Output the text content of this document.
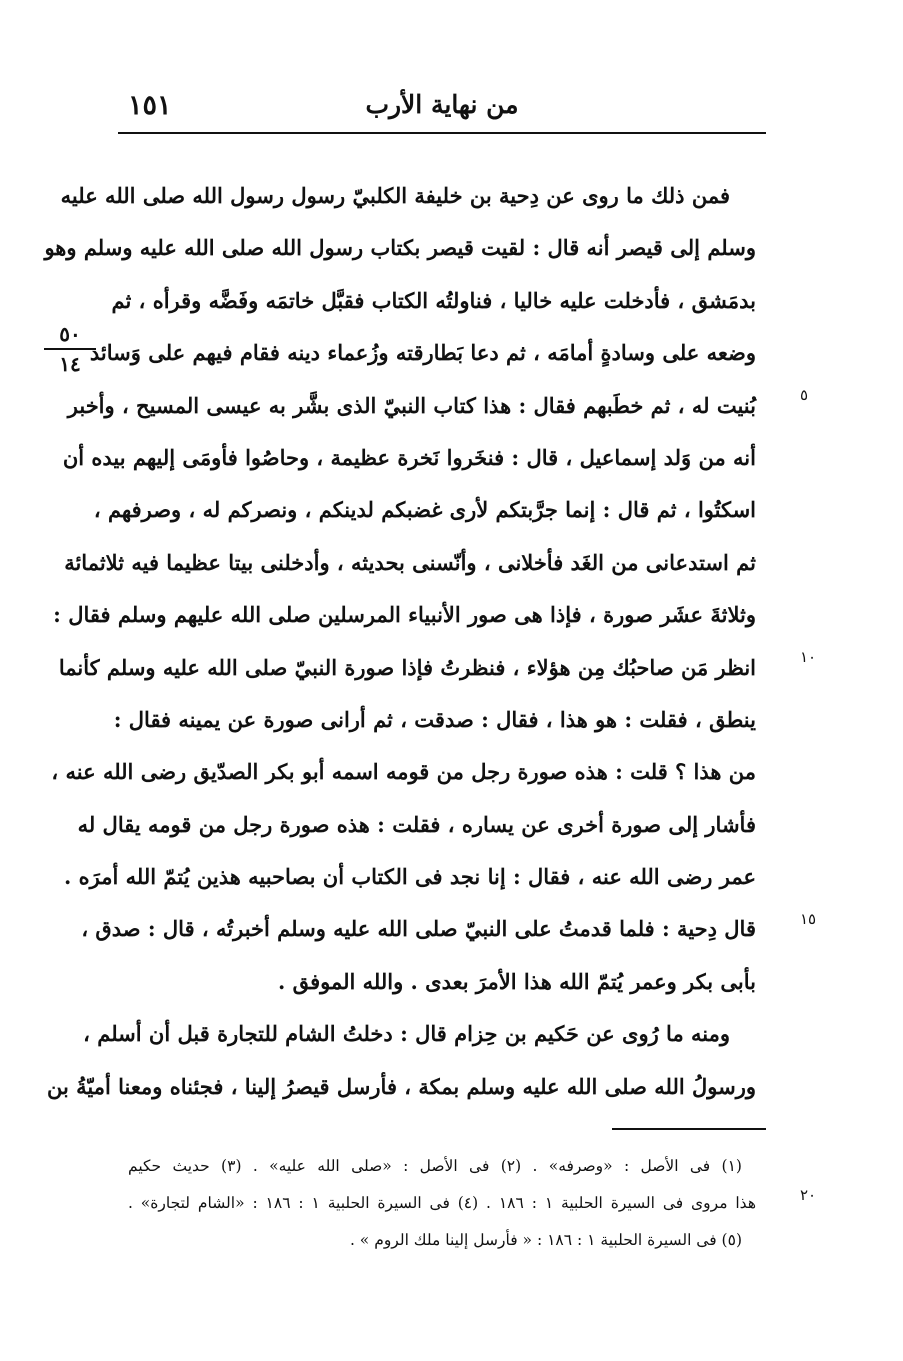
١٥١	من نهاية الأرب
٥٠
١٤
٥
١٠
١٥
٢٠
فمن ذلك ما روى عن دِحية بن خليفة الكلبيّ رسول رسول الله صلى الله عليه
وسلم إلى قيصر أنه قال : لقيت قيصر بكتاب رسول الله صلى الله عليه وسلم وهو
بدمَشق ، فأدخلت عليه خاليا ، فناولتُه الكتاب فقبَّل خاتمَه وفَضَّه وقرأه ، ثم
وضعه على وسادةٍ أمامَه ، ثم دعا بَطارقته وزُعماء دينه فقام فيهم على وَسائد
بُنيت له ، ثم خطَبهم فقال : هذا كتاب النبيّ الذى بشَّر به عيسى المسيح ، وأخبر
أنه من وَلد إسماعيل ، قال : فنخَروا نَخرة عظيمة ، وحاصُوا فأومَى إليهم بيده أن
اسكتُوا ، ثم قال : إنما جرَّبتكم لأرى غضبكم لدينكم ، ونصركم له ، وصرفهم ،
ثم استدعانى من الغَد فأخلانى ، وأنّسنى بحديثه ، وأدخلنى بيتا عظيما فيه ثلاثمائة
وثلاثةَ عشَر صورة ، فإذا هى صور الأنبياء المرسلين صلى الله عليهم وسلم فقال :
انظر مَن صاحبُك مِن هؤلاء ، فنظرتُ فإذا صورة النبيّ صلى الله عليه وسلم كأنما
ينطق ، فقلت : هو هذا ، فقال : صدقت ، ثم أرانى صورة عن يمينه فقال :
من هذا ؟ قلت : هذه صورة رجل من قومه اسمه أبو بكر الصدّيق رضى الله عنه ،
فأشار إلى صورة أخرى عن يساره ، فقلت : هذه صورة رجل من قومه يقال له
عمر رضى الله عنه ، فقال : إنا نجد فى الكتاب أن بصاحبيه هذين يُتمّ الله أمرَه .
قال دِحية : فلما قدمتُ على النبيّ صلى الله عليه وسلم أخبرتُه ، قال : صدق ،
بأبى بكر وعمر يُتمّ الله هذا الأمرَ بعدى . والله الموفق .
ومنه ما رُوى عن حَكيم بن حِزام قال : دخلتُ الشام للتجارة قبل أن أسلم ،
ورسولُ الله صلى الله عليه وسلم بمكة ، فأرسل قيصرُ إلينا ، فجئناه ومعنا أميّةُ بن
(١) فى الأصل : «وصرفه» . (٢) فى الأصل : «صلى الله عليه» . (٣) حديث حكيم
هذا مروى فى السيرة الحلبية ١ : ١٨٦ . (٤) فى السيرة الحلبية ١ : ١٨٦ : «الشام لتجارة» .
(٥) فى السيرة الحلبية ١ : ١٨٦ : « فأرسل إلينا ملك الروم » .
